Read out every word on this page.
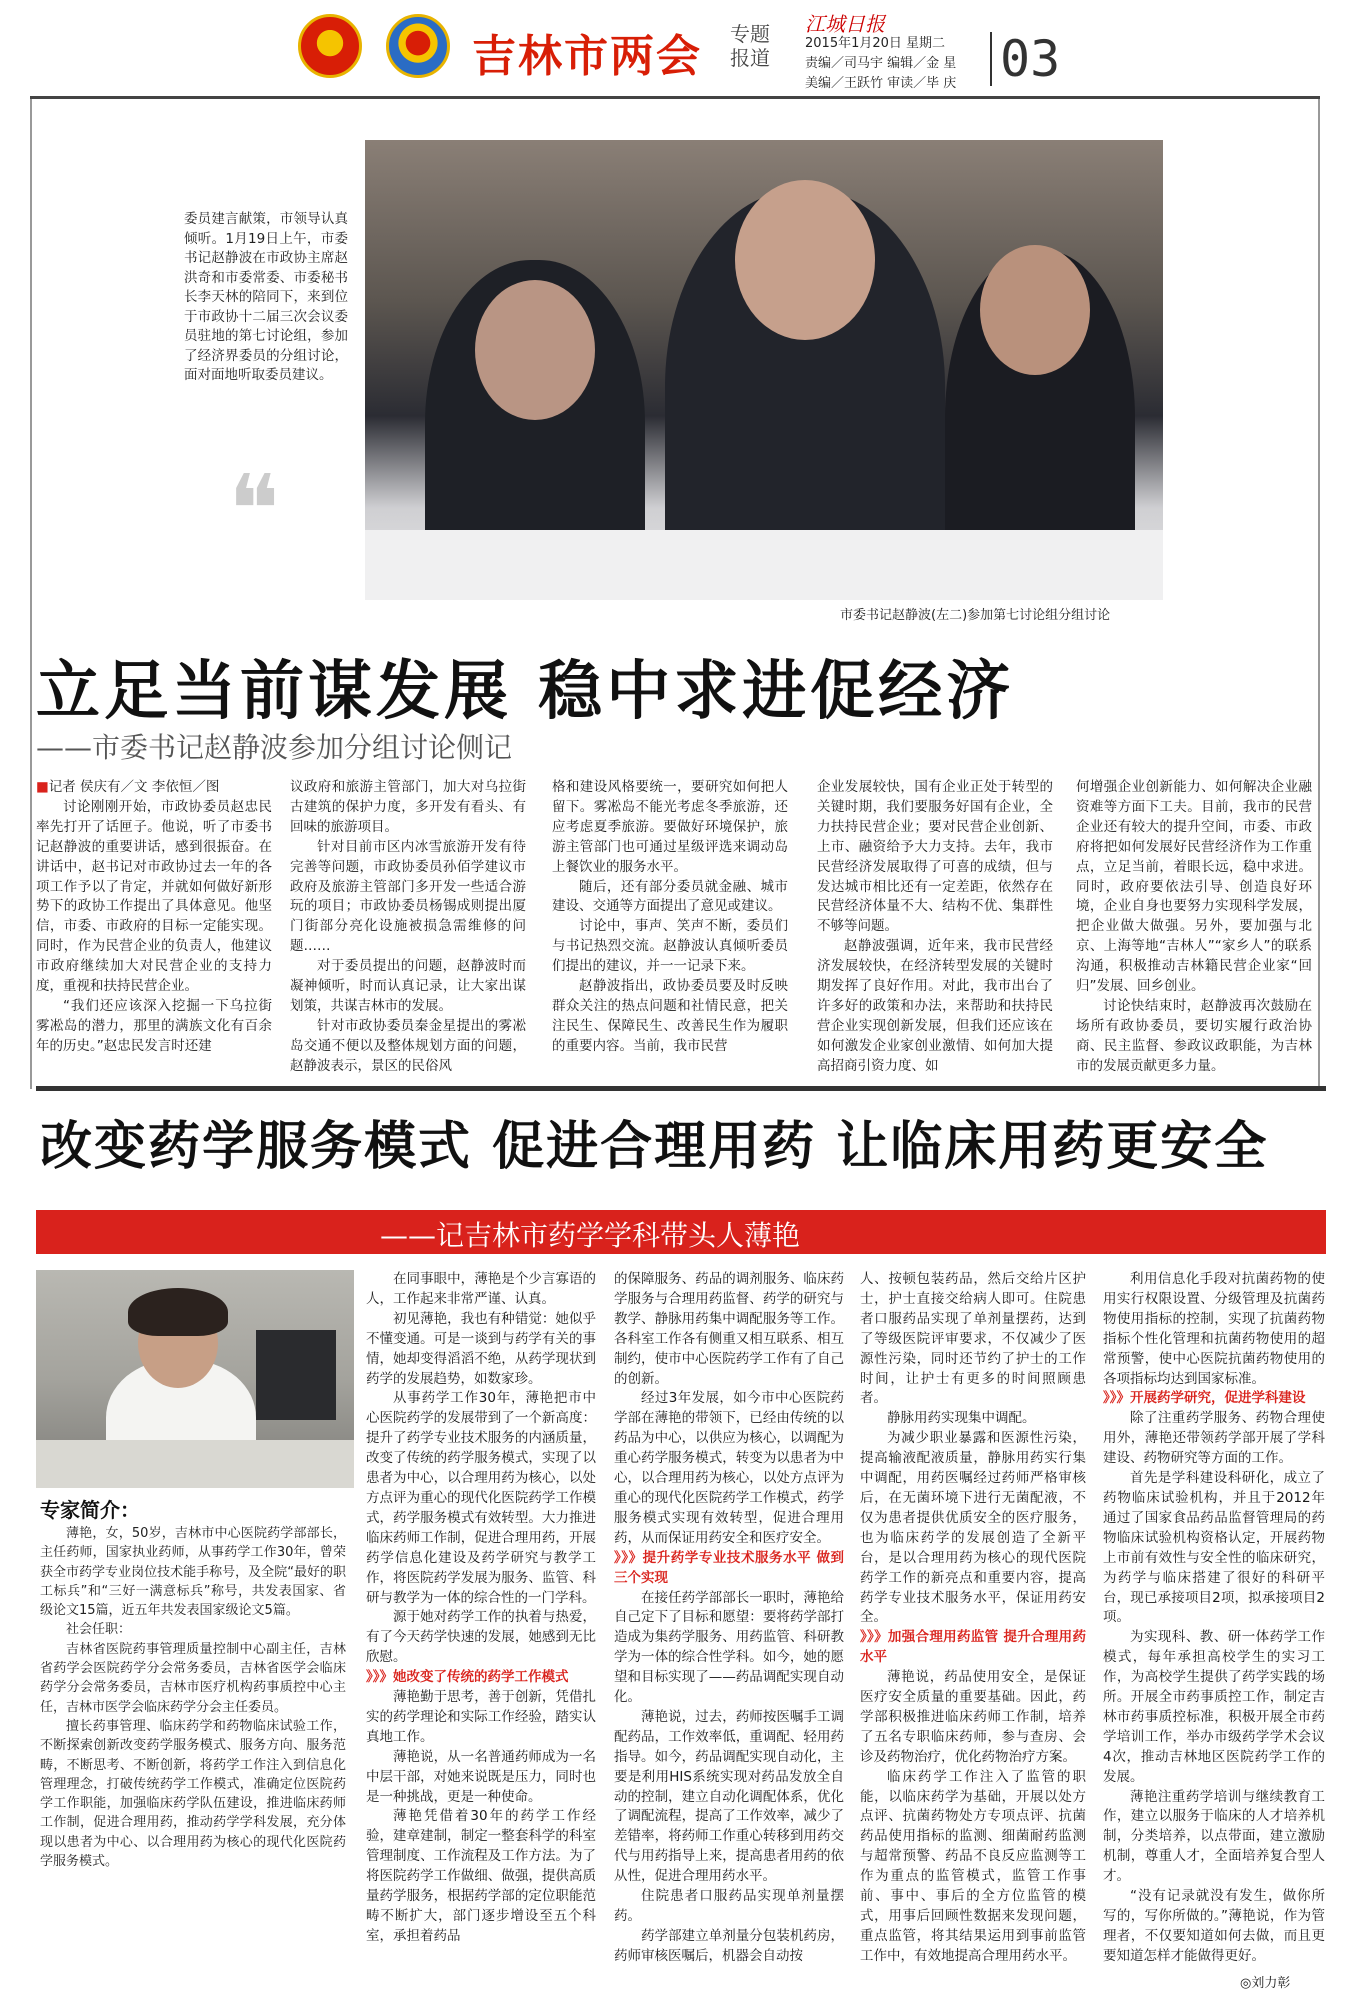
吉林市两会 专题报道
江城日报
2015年1月20日 星期二
责编／司马宇 编辑／金 星
美编／王跃竹 审读／毕 庆 03
市委书记赵静波(左二)参加第七讨论组分组讨论
委员建言献策，市领导认真倾听。1月19日上午，市委书记赵静波在市政协主席赵洪奇和市委常委、市委秘书长李天林的陪同下，来到位于市政协十二届三次会议委员驻地的第七讨论组，参加了经济界委员的分组讨论，面对面地听取委员建议。
❝
立足当前谋发展 稳中求进促经济
——市委书记赵静波参加分组讨论侧记

■记者 侯庆有／文 李依恒／图

讨论刚刚开始，市政协委员赵忠民率先打开了话匣子。他说，听了市委书记赵静波的重要讲话，感到很振奋。在讲话中，赵书记对市政协过去一年的各项工作予以了肯定，并就如何做好新形势下的政协工作提出了具体意见。他坚信，市委、市政府的目标一定能实现。同时，作为民营企业的负责人，他建议市政府继续加大对民营企业的支持力度，重视和扶持民营企业。

“我们还应该深入挖掘一下乌拉街雾凇岛的潜力，那里的满族文化有百余年的历史。”赵忠民发言时还建

议政府和旅游主管部门，加大对乌拉街古建筑的保护力度，多开发有看头、有回味的旅游项目。

针对目前市区内冰雪旅游开发有待完善等问题，市政协委员孙佰学建议市政府及旅游主管部门多开发一些适合游玩的项目；市政协委员杨锡成则提出厦门街部分亮化设施被损急需维修的问题……

对于委员提出的问题，赵静波时而凝神倾听，时而认真记录，让大家出谋划策，共谋吉林市的发展。

针对市政协委员秦金星提出的雾凇岛交通不便以及整体规划方面的问题，赵静波表示，景区的民俗风

格和建设风格要统一，要研究如何把人留下。雾凇岛不能光考虑冬季旅游，还应考虑夏季旅游。要做好环境保护，旅游主管部门也可通过星级评选来调动岛上餐饮业的服务水平。

随后，还有部分委员就金融、城市建设、交通等方面提出了意见或建议。

讨论中，事声、笑声不断，委员们与书记热烈交流。赵静波认真倾听委员们提出的建议，并一一记录下来。

赵静波指出，政协委员要及时反映群众关注的热点问题和社情民意，把关注民生、保障民生、改善民生作为履职的重要内容。当前，我市民营

企业发展较快，国有企业正处于转型的关键时期，我们要服务好国有企业，全力扶持民营企业；要对民营企业创新、上市、融资给予大力支持。去年，我市民营经济发展取得了可喜的成绩，但与发达城市相比还有一定差距，依然存在民营经济体量不大、结构不优、集群性不够等问题。

赵静波强调，近年来，我市民营经济发展较快，在经济转型发展的关键时期发挥了良好作用。对此，我市出台了许多好的政策和办法，来帮助和扶持民营企业实现创新发展，但我们还应该在如何激发企业家创业激情、如何加大提高招商引资力度、如

何增强企业创新能力、如何解决企业融资难等方面下工夫。目前，我市的民营企业还有较大的提升空间，市委、市政府将把如何发展好民营经济作为工作重点，立足当前，着眼长远，稳中求进。同时，政府要依法引导、创造良好环境，企业自身也要努力实现科学发展，把企业做大做强。另外，要加强与北京、上海等地“吉林人”“家乡人”的联系沟通，积极推动吉林籍民营企业家“回归”发展、回乡创业。

讨论快结束时，赵静波再次鼓励在场所有政协委员，要切实履行政治协商、民主监督、参政议政职能，为吉林市的发展贡献更多力量。

改变药学服务模式 促进合理用药 让临床用药更安全
——记吉林市药学学科带头人薄艳
专家简介：

薄艳，女，50岁，吉林市中心医院药学部部长，主任药师，国家执业药师，从事药学工作30年，曾荣获全市药学专业岗位技术能手称号，及全院“最好的职工标兵”和“三好一满意标兵”称号，共发表国家、省级论文15篇，近五年共发表国家级论文5篇。

社会任职：

吉林省医院药事管理质量控制中心副主任，吉林省药学会医院药学分会常务委员，吉林省医学会临床药学分会常务委员，吉林市医疗机构药事质控中心主任，吉林市医学会临床药学分会主任委员。

擅长药事管理、临床药学和药物临床试验工作，不断探索创新改变药学服务模式、服务方向、服务范畴，不断思考、不断创新，将药学工作注入到信息化管理理念，打破传统药学工作模式，准确定位医院药学工作职能，加强临床药学队伍建设，推进临床药师工作制，促进合理用药，推动药学学科发展，充分体现以患者为中心、以合理用药为核心的现代化医院药学服务模式。

在同事眼中，薄艳是个少言寡语的人，工作起来非常严谨、认真。

初见薄艳，我也有种错觉：她似乎不懂变通。可是一谈到与药学有关的事情，她却变得滔滔不绝，从药学现状到药学的发展趋势，如数家珍。

从事药学工作30年，薄艳把市中心医院药学的发展带到了一个新高度：提升了药学专业技术服务的内涵质量，改变了传统的药学服务模式，实现了以患者为中心，以合理用药为核心，以处方点评为重心的现代化医院药学工作模式，药学服务模式有效转型。大力推进临床药师工作制，促进合理用药，开展药学信息化建设及药学研究与教学工作，将医院药学发展为服务、监管、科研与教学为一体的综合性的一门学科。

源于她对药学工作的执着与热爱，有了今天药学快速的发展，她感到无比欣慰。

》》》她改变了传统的药学工作模式

薄艳勤于思考，善于创新，凭借扎实的药学理论和实际工作经验，踏实认真地工作。

薄艳说，从一名普通药师成为一名中层干部，对她来说既是压力，同时也是一种挑战，更是一种使命。

薄艳凭借着30年的药学工作经验，建章建制，制定一整套科学的科室管理制度、工作流程及工作方法。为了将医院药学工作做细、做强，提供高质量药学服务，根据药学部的定位职能范畴不断扩大，部门逐步增设至五个科室，承担着药品

的保障服务、药品的调剂服务、临床药学服务与合理用药监督、药学的研究与教学、静脉用药集中调配服务等工作。各科室工作各有侧重又相互联系、相互制约，使市中心医院药学工作有了自己的创新。

经过3年发展，如今市中心医院药学部在薄艳的带领下，已经由传统的以药品为中心，以供应为核心，以调配为重心药学服务模式，转变为以患者为中心，以合理用药为核心，以处方点评为重心的现代化医院药学工作模式，药学服务模式实现有效转型，促进合理用药，从而保证用药安全和医疗安全。

》》》提升药学专业技术服务水平 做到三个实现

在接任药学部部长一职时，薄艳给自己定下了目标和愿望：要将药学部打造成为集药学服务、用药监管、科研教学为一体的综合性学科。如今，她的愿望和目标实现了——药品调配实现自动化。

薄艳说，过去，药师按医嘱手工调配药品，工作效率低，重调配、轻用药指导。如今，药品调配实现自动化，主要是利用HIS系统实现对药品发放全自动的控制，建立自动化调配体系，优化了调配流程，提高了工作效率，减少了差错率，将药师工作重心转移到用药交代与用药指导上来，提高患者用药的依从性，促进合理用药水平。

住院患者口服药品实现单剂量摆药。

药学部建立单剂量分包装机药房，药师审核医嘱后，机器会自动按

人、按顿包装药品，然后交给片区护士，护士直接交给病人即可。住院患者口服药品实现了单剂量摆药，达到了等级医院评审要求，不仅减少了医源性污染，同时还节约了护士的工作时间，让护士有更多的时间照顾患者。

静脉用药实现集中调配。

为减少职业暴露和医源性污染，提高输液配液质量，静脉用药实行集中调配，用药医嘱经过药师严格审核后，在无菌环境下进行无菌配液，不仅为患者提供优质安全的医疗服务，也为临床药学的发展创造了全新平台，是以合理用药为核心的现代医院药学工作的新亮点和重要内容，提高药学专业技术服务水平，保证用药安全。

》》》加强合理用药监管 提升合理用药水平

薄艳说，药品使用安全，是保证医疗安全质量的重要基础。因此，药学部积极推进临床药师工作制，培养了五名专职临床药师，参与查房、会诊及药物治疗，优化药物治疗方案。

临床药学工作注入了监管的职能，以临床药学为基础，开展以处方点评、抗菌药物处方专项点评、抗菌药品使用指标的监测、细菌耐药监测与超常预警、药品不良反应监测等工作为重点的监管模式，监管工作事前、事中、事后的全方位监管的模式，用事后回顾性数据来发现问题，重点监管，将其结果运用到事前监管工作中，有效地提高合理用药水平。

利用信息化手段对抗菌药物的使用实行权限设置、分级管理及抗菌药物使用指标的控制，实现了抗菌药物指标个性化管理和抗菌药物使用的超常预警，使中心医院抗菌药物使用的各项指标均达到国家标准。

》》》开展药学研究，促进学科建设

除了注重药学服务、药物合理使用外，薄艳还带领药学部开展了学科建设、药物研究等方面的工作。

首先是学科建设科研化，成立了药物临床试验机构，并且于2012年通过了国家食品药品监督管理局的药物临床试验机构资格认定，开展药物上市前有效性与安全性的临床研究，为药学与临床搭建了很好的科研平台，现已承接项目2项，拟承接项目2项。

为实现科、教、研一体药学工作模式，每年承担高校学生的实习工作，为高校学生提供了药学实践的场所。开展全市药事质控工作，制定吉林市药事质控标准，积极开展全市药学培训工作，举办市级药学学术会议4次，推动吉林地区医院药学工作的发展。

薄艳注重药学培训与继续教育工作，建立以服务于临床的人才培养机制，分类培养，以点带面，建立激励机制，尊重人才，全面培养复合型人才。

“没有记录就没有发生，做你所写的，写你所做的。”薄艳说，作为管理者，不仅要知道如何去做，而且更要知道怎样才能做得更好。

◎刘力彰
